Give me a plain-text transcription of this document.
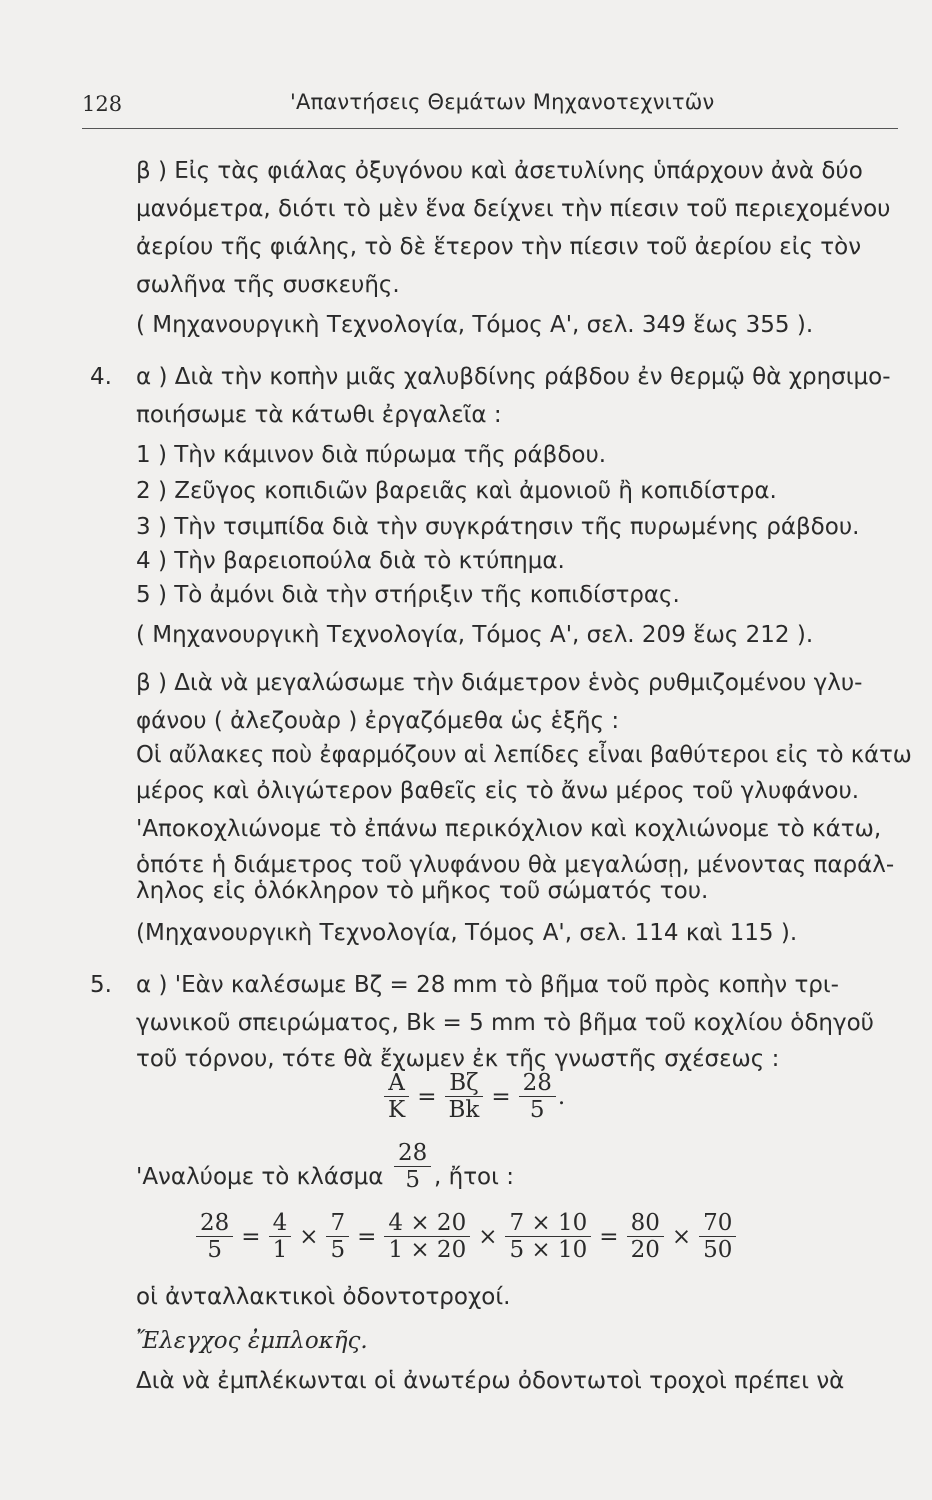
128	'Απαντήσεις Θεμάτων Μηχανοτεχνιτῶν
β ) Εἰς τὰς φιάλας ὀξυγόνου καὶ ἀσετυλίνης ὑπάρχουν ἀνὰ δύο
μανόμετρα, διότι τὸ μὲν ἕνα δείχνει τὴν πίεσιν τοῦ περιεχομένου
ἀερίου τῆς φιάλης, τὸ δὲ ἕτερον τὴν πίεσιν τοῦ ἀερίου εἰς τὸν
σωλῆνα τῆς συσκευῆς.
( Μηχανουργικὴ Τεχνολογία, Τόμος Α', σελ. 349 ἕως 355 ).
4. α ) Διὰ τὴν κοπὴν μιᾶς χαλυβδίνης ράβδου ἐν θερμῷ θὰ χρησιμο-
ποιήσωμε τὰ κάτωθι ἐργαλεῖα :
1 ) Τὴν κάμινον διὰ πύρωμα τῆς ράβδου.
2 ) Ζεῦγος κοπιδιῶν βαρειᾶς καὶ ἀμονιοῦ ἢ κοπιδίστρα.
3 ) Τὴν τσιμπίδα διὰ τὴν συγκράτησιν τῆς πυρωμένης ράβδου.
4 ) Τὴν βαρειοπούλα διὰ τὸ κτύπημα.
5 ) Τὸ ἀμόνι διὰ τὴν στήριξιν τῆς κοπιδίστρας.
( Μηχανουργικὴ Τεχνολογία, Τόμος Α', σελ. 209 ἕως 212 ).
β ) Διὰ νὰ μεγαλώσωμε τὴν διάμετρον ἑνὸς ρυθμιζομένου γλυ-
φάνου ( ἀλεζουὰρ ) ἐργαζόμεθα ὡς ἑξῆς :
Οἱ αὔλακες ποὺ ἐφαρμόζουν αἱ λεπίδες εἶναι βαθύτεροι εἰς τὸ κάτω
μέρος καὶ ὀλιγώτερον βαθεῖς εἰς τὸ ἄνω μέρος τοῦ γλυφάνου.
'Αποκοχλιώνομε τὸ ἐπάνω περικόχλιον καὶ κοχλιώνομε τὸ κάτω,
ὁπότε ἡ διάμετρος τοῦ γλυφάνου θὰ μεγαλώσῃ, μένοντας παράλ-
ληλος εἰς ὁλόκληρον τὸ μῆκος τοῦ σώματός του.
(Μηχανουργικὴ Τεχνολογία, Τόμος Α', σελ. 114 καὶ 115 ).
5. α ) 'Εὰν καλέσωμε Βζ = 28 mm τὸ βῆμα τοῦ πρὸς κοπὴν τρι-
γωνικοῦ σπειρώματος, Βk = 5 mm τὸ βῆμα τοῦ κοχλίου ὁδηγοῦ
τοῦ τόρνου, τότε θὰ ἔχωμεν ἐκ τῆς γνωστῆς σχέσεως :
$\frac{A}{K} = \frac{B\zeta}{Bk} = \frac{28}{5}$ .
'Αναλύομε τὸ κλάσμα
28
5 , ἤτοι :
$\frac{28}{5} = \frac{4}{1} \times \frac{7}{5} = \frac{4 \times 20}{1 \times 20} \times \frac{7 \times 10}{5 \times 10} = \frac{80}{20} \times \frac{70}{50}$
οἱ ἀνταλλακτικοὶ ὀδοντοτροχοί.
Ἔλεγχος ἐμπλοκῆς.
Διὰ νὰ ἐμπλέκωνται οἱ ἀνωτέρω ὀδοντωτοὶ τροχοὶ πρέπει νὰ
